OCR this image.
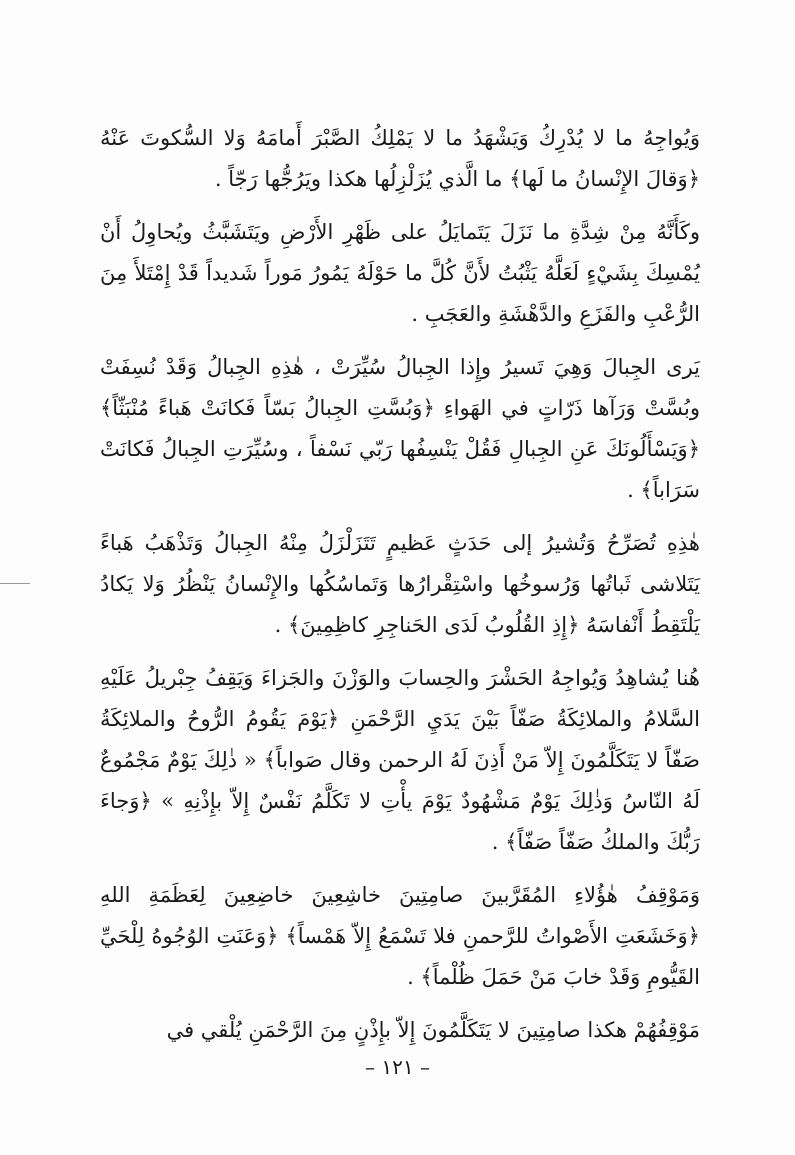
وَيُواجِهُ ما لا يُدْرِكُ وَيَشْهَدُ ما لا يَمْلِكُ الصَّبْرَ أَمامَهُ وَلا السُّكوتَ عَنْهُ ﴿وَقالَ الإِنْسانُ ما لَها﴾ ما الَّذي يُزَلْزِلُها هكذا ويَرُجُّها رَجّاً .

وكَأَنَّهُ مِنْ شِدَّةِ ما نَزَلَ يَتَمايَلُ على ظَهْرِ الأَرْضِ ويَتَشَبَّثُ ويُحاوِلُ أَنْ يُمْسِكَ بِشَيْءٍ لَعَلَّهُ يَثْبُتُ لأَنَّ كُلَّ ما حَوْلَهُ يَمُورُ مَوراً شَديداً قَدْ إِمْتَلأَ مِنَ الرُّعْبِ والفَزَعِ والدَّهْشَةِ والعَجَبِ .

يَرى الجِبالَ وَهِيَ تَسيرُ وإِذا الجِبالُ سُيِّرَتْ ، هٰذِهِ الجِبالُ وَقَدْ نُسِفَتْ وبُسَّتْ وَرَآها ذَرّاتٍ في الهَواءِ ﴿وَبُسَّتِ الجِبالُ بَسّاً فَكانَتْ هَباءً مُنْبَثّاً﴾ ﴿وَيَسْأَلُونَكَ عَنِ الجِبالِ فَقُلْ يَنْسِفُها رَبّي نَسْفاً ، وسُيِّرَتِ الجِبالُ فَكانَتْ سَرَاباً﴾ .

هٰذِهِ تُصَرِّحُ وَتُشيرُ إلى حَدَثٍ عَظيمٍ تَتَزَلْزَلُ مِنْهُ الجِبالُ وَتَذْهَبُ هَباءً يَتَلاشى ثَباتُها وَرُسوخُها واسْتِقْرارُها وَتَماسُكُها والإِنْسانُ يَنْظُرُ وَلا يَكادُ يَلْتَقِطُ أَنْفاسَهُ ﴿إِذِ القُلُوبُ لَدَى الحَناجِرِ كاظِمِينَ﴾ .

هُنا يُشاهِدُ وَيُواجِهُ الحَشْرَ والحِسابَ والوَزْنَ والجَزاءَ وَيَقِفُ جِبْريلُ عَلَيْهِ السَّلامُ والملائِكَةُ صَفّاً بَيْنَ يَدَيِ الرَّحْمَنِ ﴿يَوْمَ يَقُومُ الرُّوحُ والملائِكَةُ صَفّاً لا يَتَكَلَّمُونَ إِلاّ مَنْ أَذِنَ لَهُ الرحمن وقال صَواباً﴾ « ذٰلِكَ يَوْمٌ مَجْمُوعٌ لَهُ النّاسُ وَذٰلِكَ يَوْمٌ مَشْهُودٌ يَوْمَ يأْتِ لا تَكَلَّمُ نَفْسٌ إِلاّ بإِذْنِهِ » ﴿وَجاءَ رَبُّكَ والملكُ صَفّاً صَفّاً﴾ .

وَمَوْقِفُ هٰؤُلاءِ المُقَرَّبينَ صامِتِينَ خاشِعِينَ خاضِعِينَ لِعَظَمَةِ اللهِ ﴿وَخَشَعَتِ الأَصْواتُ للرَّحمنِ فلا تَسْمَعُ إِلاّ هَمْساً﴾ ﴿وَعَنَتِ الوُجُوهُ لِلْحَيِّ القَيُّومِ وَقَدْ خابَ مَنْ حَمَلَ ظُلْماً﴾ .

مَوْقِفُهُمْ هكذا صامِتِينَ لا يَتَكَلَّمُونَ إِلاّ بإِذْنٍ مِنَ الرَّحْمَنِ يُلْقي في

– ١٢١ –
